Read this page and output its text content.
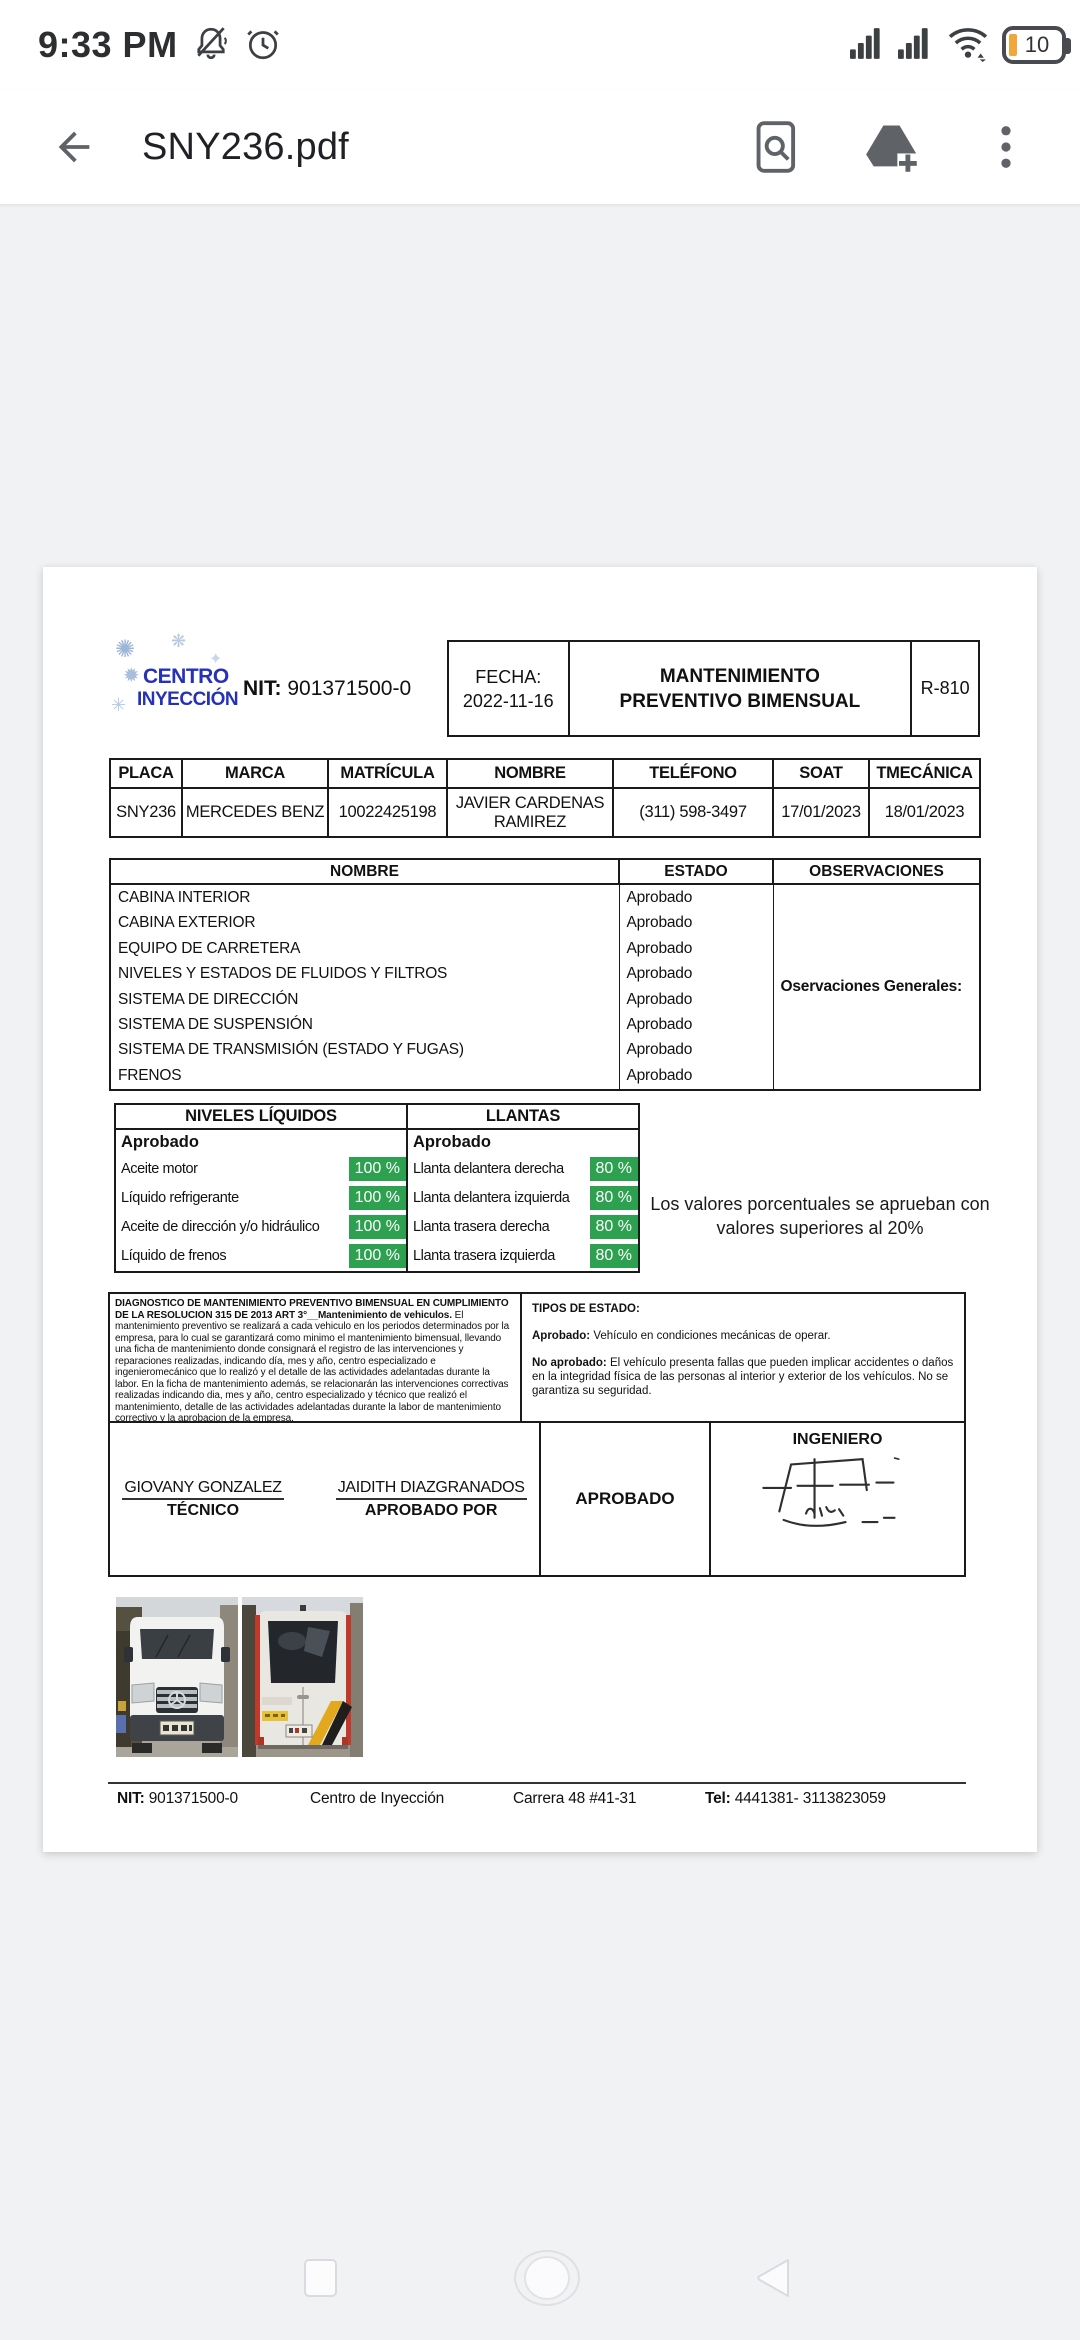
9:33 PM	10
SNY236.pdf
✺ ❋
✳
✦
✹ CENTRO
INYECCIÓN NIT: 901371500-0
FECHA:
2022-11-16
MANTENIMIENTO
PREVENTIVO BIMENSUAL
R-810
PLACA	MARCA	MATRÍCULA	NOMBRE	TELÉFONO	SOAT	TMECÁNICA
SNY236	MERCEDES BENZ	10022425198	JAVIER CARDENAS RAMIREZ	(311) 598-3497	17/01/2023	18/01/2023
NOMBRE	ESTADO	OBSERVACIONES
CABINA INTERIOR	Aprobado	Oservaciones Generales:
CABINA EXTERIOR	Aprobado	
EQUIPO DE CARRETERA	Aprobado	
NIVELES Y ESTADOS DE FLUIDOS Y FILTROS	Aprobado	
SISTEMA DE DIRECCIÓN	Aprobado	
SISTEMA DE SUSPENSIÓN	Aprobado	
SISTEMA DE TRANSMISIÓN (ESTADO Y FUGAS)	Aprobado	
FRENOS	Aprobado	
NIVELES LÍQUIDOS
Aprobado
Aceite motor	100 %
Líquido refrigerante	100 %
Aceite de dirección y/o hidráulico	100 %
Líquido de frenos	100 %
LLANTAS
Aprobado
Llanta delantera derecha	80 %
Llanta delantera izquierda	80 %
Llanta trasera derecha	80 %
Llanta trasera izquierda	80 %
Los valores porcentuales se aprueban con valores superiores al 20%
DIAGNOSTICO DE MANTENIMIENTO PREVENTIVO BIMENSUAL EN CUMPLIMIENTO DE LA RESOLUCION 315 DE 2013 ART 3°__Mantenimiento de vehiculos. El mantenimiento preventivo se realizará a cada vehiculo en los periodos determinados por la empresa, para lo cual se garantizará como minimo el mantenimiento bimensual, llevando una ficha de mantenimiento donde consignará el registro de las intervenciones y reparaciones realizadas, indicando día, mes y año, centro especializado e ingenieromecánico que lo realizó y el detalle de las actividades adelantadas durante la labor. En la ficha de mantenimiento además, se relacionarán las intervenciones correctivas realizadas indicando dia, mes y año, centro especializado y técnico que realizó el mantenimiento, detalle de las actividades adelantadas durante la labor de mantenimiento correctivo y la aprobacion de la empresa.

TIPOS DE ESTADO:

Aprobado: Vehículo en condiciones mecánicas de operar.

No aprobado: El vehículo presenta fallas que pueden implicar accidentes o daños en la integridad física de las personas al interior y exterior de los vehículos. No se garantiza su seguridad.

GIOVANY GONZALEZ
TÉCNICO
JAIDITH DIAZGRANADOS
APROBADO POR
APROBADO
INGENIERO
NIT: 901371500-0	Centro de Inyección	Carrera 48 #41-31	Tel: 4441381- 3113823059
